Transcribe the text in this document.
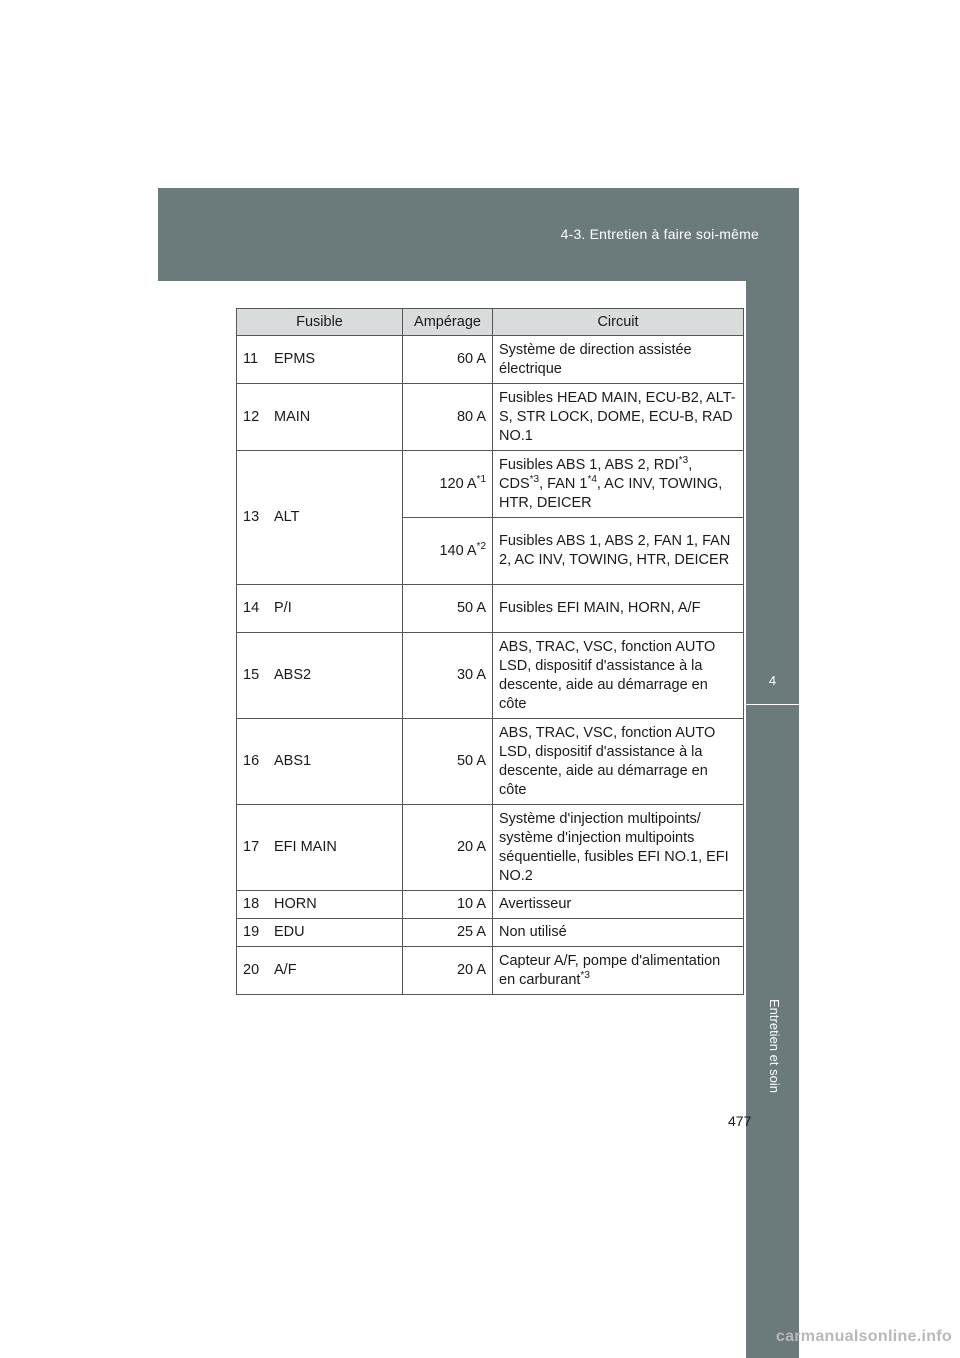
4-3. Entretien à faire soi-même
4
Entretien et soin
Fusible		Ampérage	Circuit
11	EPMS	60 A	Système de direction assistée électrique
12	MAIN	80 A	Fusibles HEAD MAIN, ECU-B2, ALT-S, STR LOCK, DOME, ECU-B, RAD NO.1
13	ALT	120 $A^{*1}$	Fusibles ABS 1, ABS 2, RDI$^{*3}$, CDS$^{*3}$, FAN 1$^{*4}$, AC INV, TOWING, HTR, DEICER
		140 $A^{*2}$	Fusibles ABS 1, ABS 2, FAN 1, FAN 2, AC INV, TOWING, HTR, DEICER
14	P/I	50 A	Fusibles EFI MAIN, HORN, A/F
15	ABS2	30 A	ABS, TRAC, VSC, fonction AUTO LSD, dispositif d'assistance à la descente, aide au démarrage en côte
16	ABS1	50 A	ABS, TRAC, VSC, fonction AUTO LSD, dispositif d'assistance à la descente, aide au démarrage en côte
17	EFI MAIN	20 A	Système d'injection multipoints/ système d'injection multipoints séquentielle, fusibles EFI NO.1, EFI NO.2
18	HORN	10 A	Avertisseur
19	EDU	25 A	Non utilisé
20	A/F	20 A	Capteur A/F, pompe d'alimentation en carburant$^{*3}$
477
carmanualsonline.info
